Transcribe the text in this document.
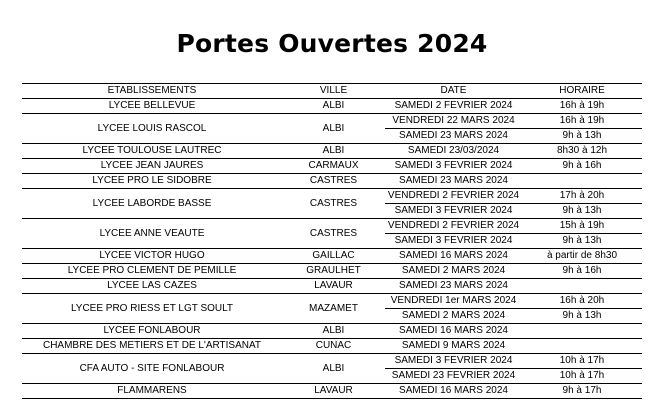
Portes Ouvertes 2024
ETABLISSEMENTS	VILLE	DATE	HORAIRE
LYCEE BELLEVUE	ALBI	SAMEDI 2 FEVRIER 2024	16h à 19h
LYCEE LOUIS RASCOL	ALBI	VENDREDI 22 MARS 2024	16h à 19h
		SAMEDI 23 MARS 2024	9h à 13h
LYCEE TOULOUSE LAUTREC	ALBI	SAMEDI 23/03/2024	8h30 à 12h
LYCEE JEAN JAURES	CARMAUX	SAMEDI 3 FEVRIER 2024	9h à 16h
LYCEE PRO LE SIDOBRE	CASTRES	SAMEDI 23 MARS 2024	
LYCEE LABORDE BASSE	CASTRES	VENDREDI 2 FEVRIER 2024	17h à 20h
		SAMEDI 3 FEVRIER 2024	9h à 13h
LYCEE ANNE VEAUTE	CASTRES	VENDREDI 2 FEVRIER 2024	15h à 19h
		SAMEDI 3 FEVRIER 2024	9h à 13h
LYCEE VICTOR HUGO	GAILLAC	SAMEDI 16 MARS 2024	à partir de 8h30
LYCEE PRO CLEMENT DE PEMILLE	GRAULHET	SAMEDI 2 MARS 2024	9h à 16h
LYCEE LAS CAZES	LAVAUR	SAMEDI 23 MARS 2024	
LYCEE PRO RIESS ET LGT SOULT	MAZAMET	VENDREDI 1er MARS 2024	16h à 20h
		SAMEDI 2 MARS 2024	9h à 13h
LYCEE FONLABOUR	ALBI	SAMEDI 16 MARS 2024	
CHAMBRE DES METIERS ET DE L'ARTISANAT	CUNAC	SAMEDI 9 MARS 2024	
CFA AUTO - SITE FONLABOUR	ALBI	SAMEDI 3 FEVRIER 2024	10h à 17h
		SAMEDI 23 FEVRIER 2024	10h à 17h
FLAMMARENS	LAVAUR	SAMEDI 16 MARS 2024	9h à 17h
